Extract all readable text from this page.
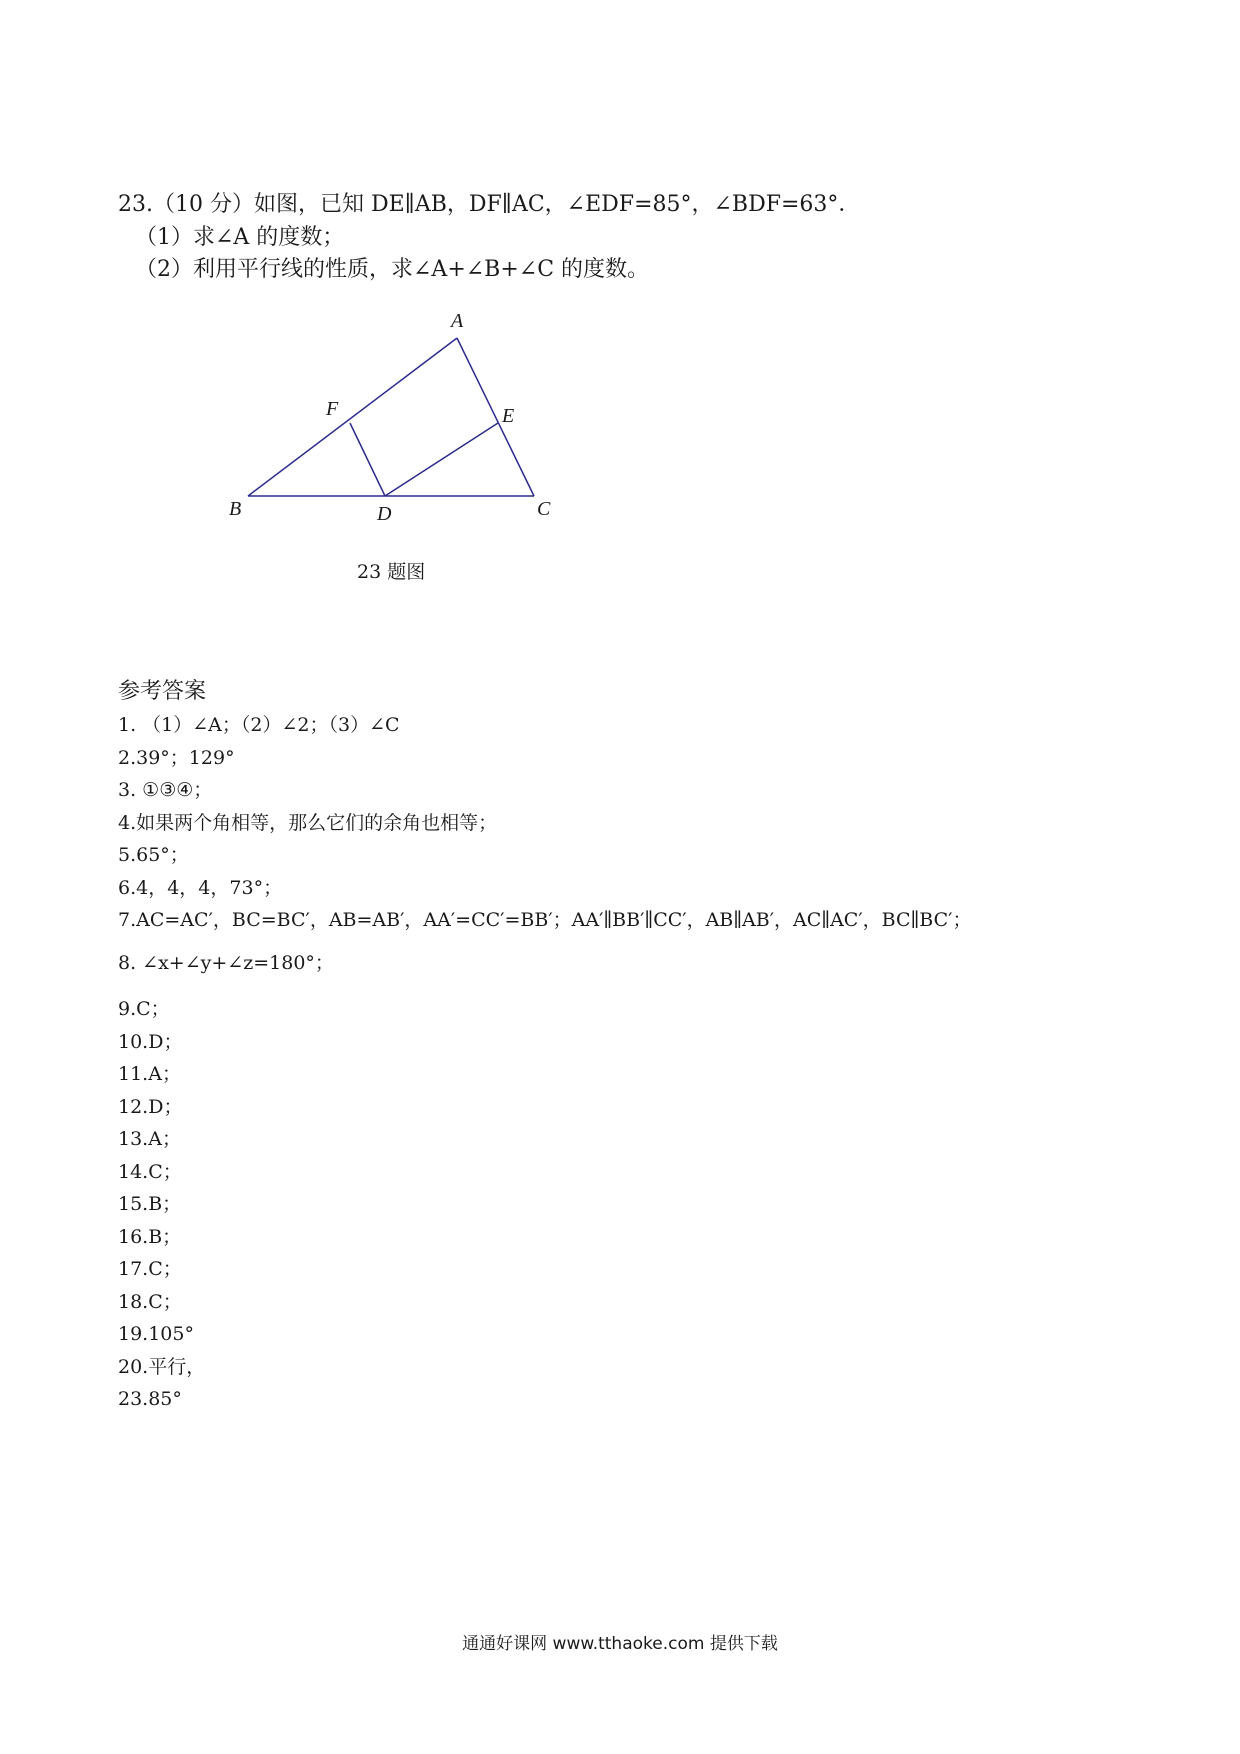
23.（10 分）如图，已知 DE∥AB，DF∥AC，∠EDF=85°，∠BDF=63°．
（1）求∠A 的度数；
（2）利用平行线的性质，求∠A+∠B+∠C 的度数。
A
B	C
D
E
F
23 题图
参考答案
1. （1）∠A；（2）∠2；（3）∠C
2.39°；129°
3. ①③④；
4.如果两个角相等，那么它们的余角也相等；
5.65°；
6.4，4，4，73°；
7.AC=AC′，BC=BC′，AB=AB′，AA′=CC′=BB′；AA′∥BB′∥CC′，AB∥AB′，AC∥AC′，BC∥BC′；
8. ∠x+∠y+∠z=180°；
9.C；
10.D；
11.A；
12.D；
13.A；
14.C；
15.B；
16.B；
17.C；
18.C；
19.105°
20.平行，
23.85°
通通好课网 www.tthaoke.com 提供下载
